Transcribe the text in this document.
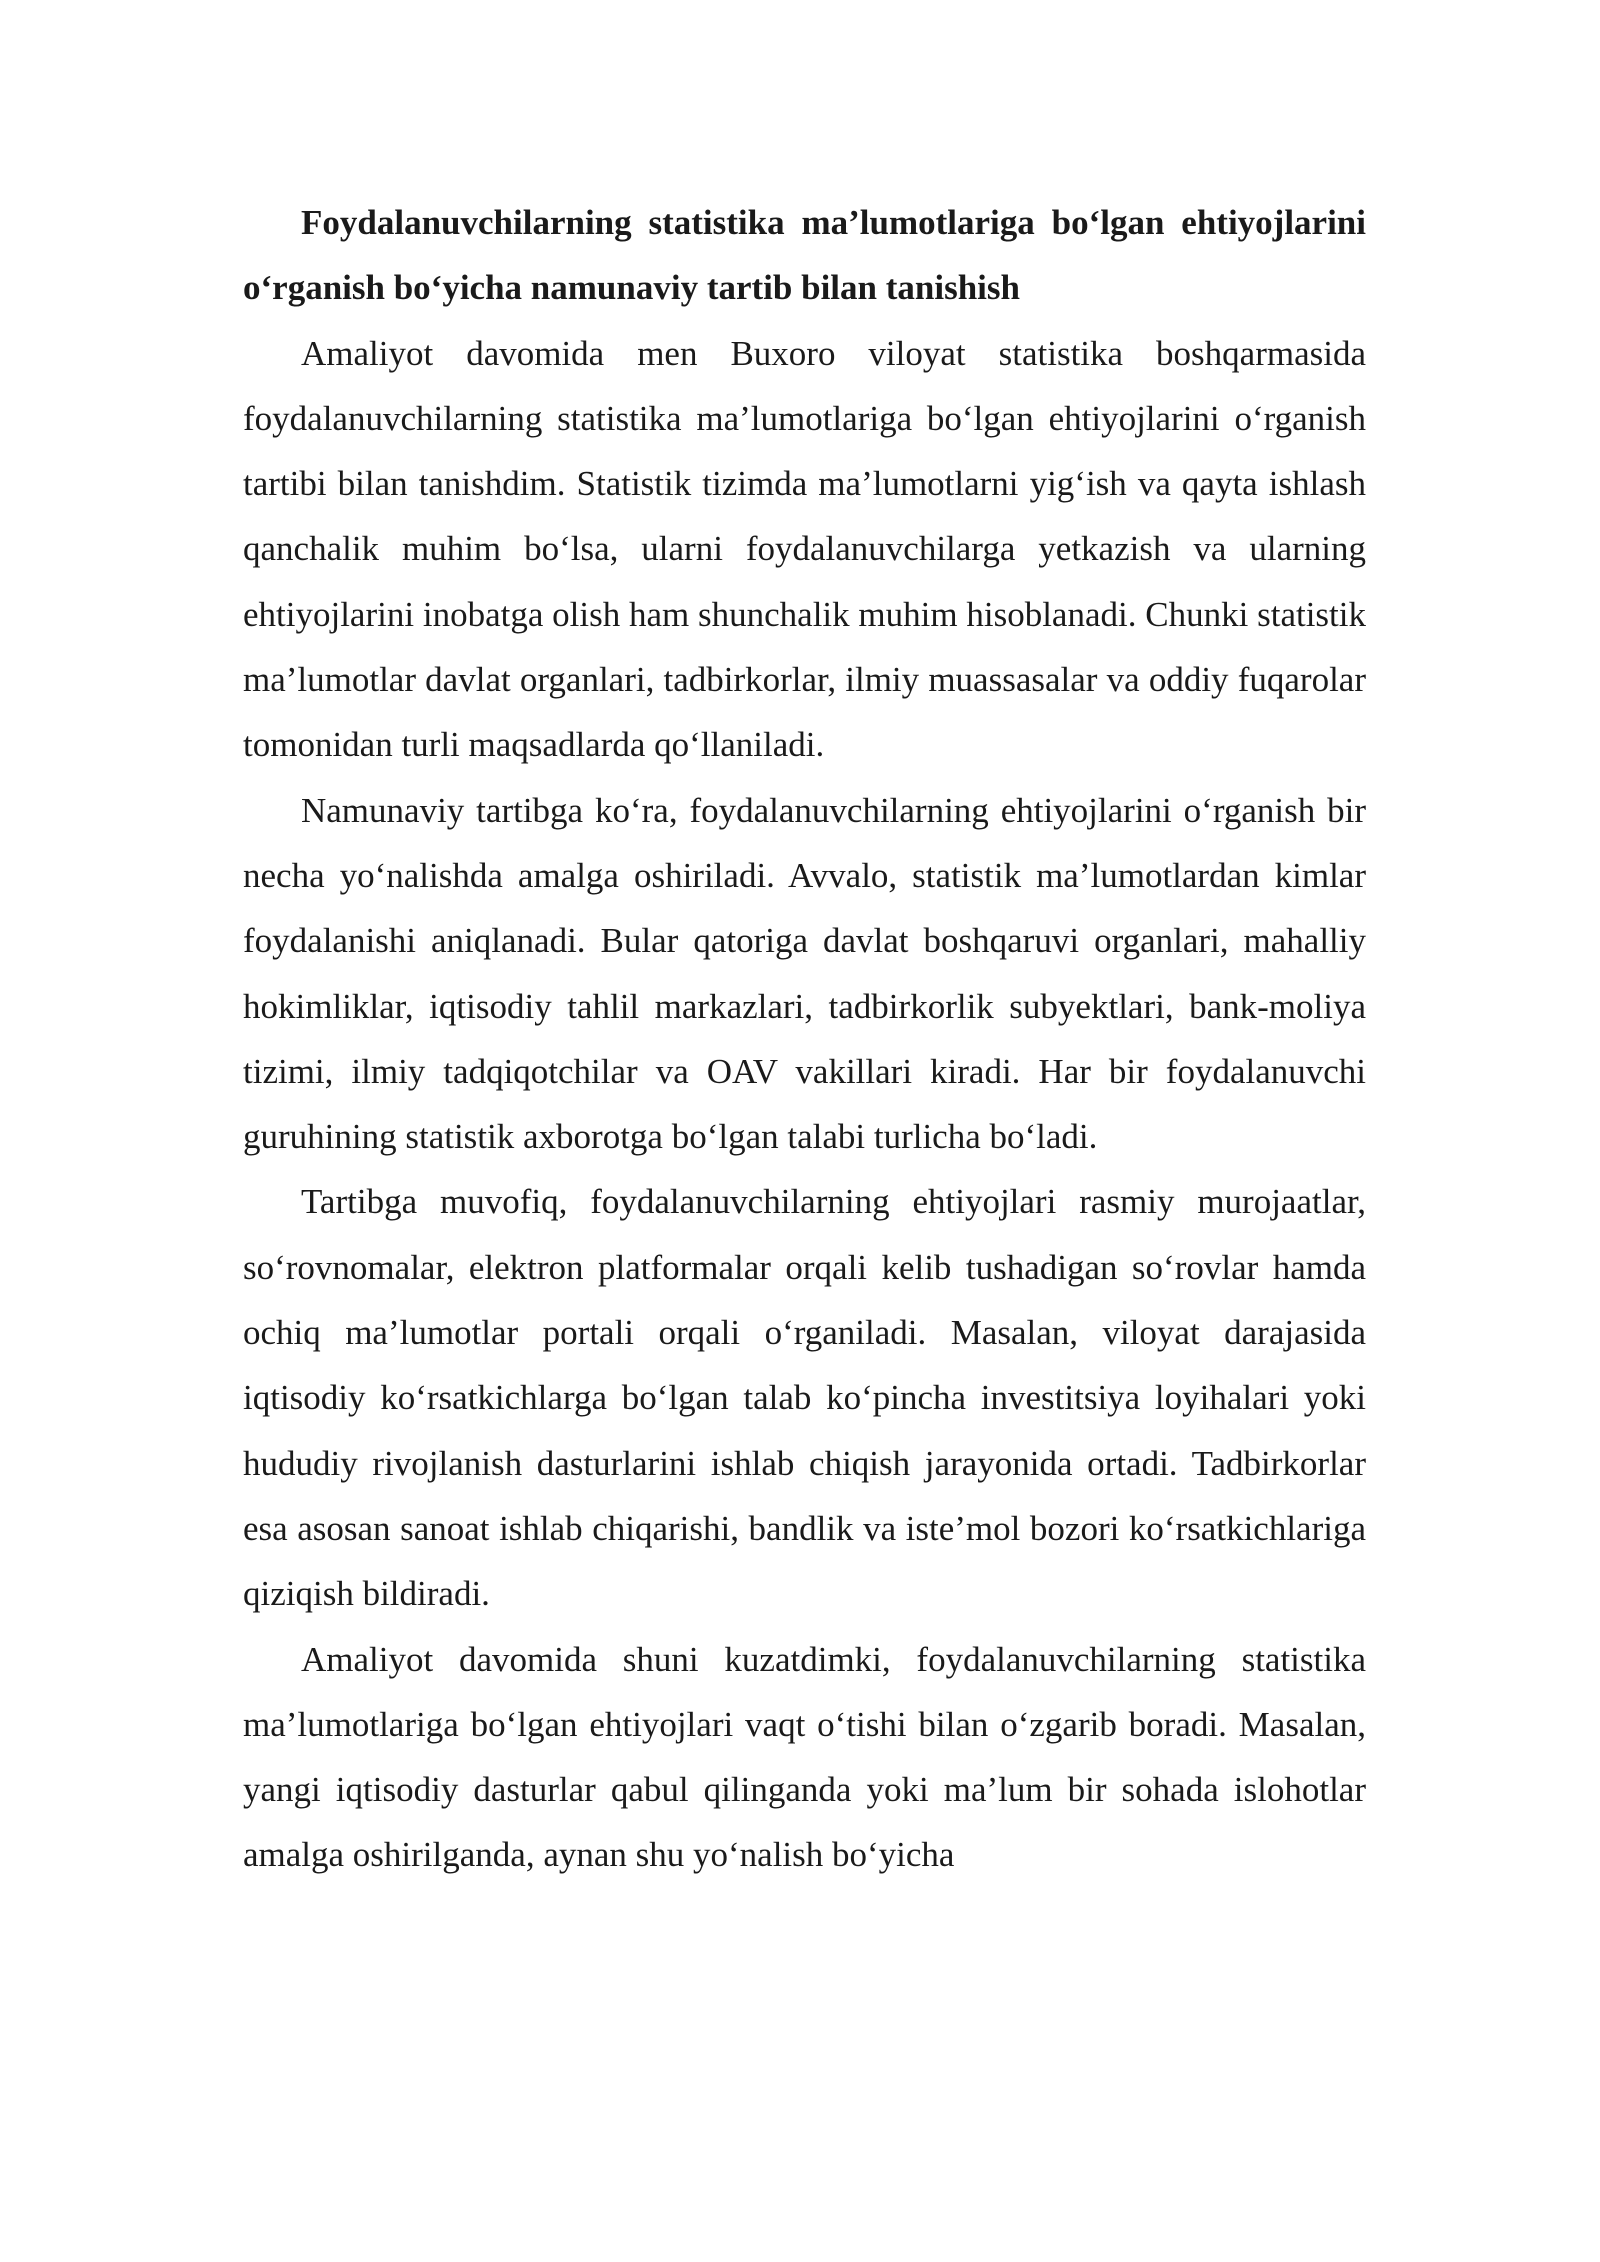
Foydalanuvchilarning statistika ma’lumotlariga bo‘lgan ehtiyojlarini o‘rganish bo‘yicha namunaviy tartib bilan tanishish

Amaliyot davomida men Buxoro viloyat statistika boshqarmasida foydalanuvchilarning statistika ma’lumotlariga bo‘lgan ehtiyojlarini o‘rganish tartibi bilan tanishdim. Statistik tizimda ma’lumotlarni yig‘ish va qayta ishlash qanchalik muhim bo‘lsa, ularni foydalanuvchilarga yetkazish va ularning ehtiyojlarini inobatga olish ham shunchalik muhim hisoblanadi. Chunki statistik ma’lumotlar davlat organlari, tadbirkorlar, ilmiy muassasalar va oddiy fuqarolar tomonidan turli maqsadlarda qo‘llaniladi.

Namunaviy tartibga ko‘ra, foydalanuvchilarning ehtiyojlarini o‘rganish bir necha yo‘nalishda amalga oshiriladi. Avvalo, statistik ma’lumotlardan kimlar foydalanishi aniqlanadi. Bular qatoriga davlat boshqaruvi organlari, mahalliy hokimliklar, iqtisodiy tahlil markazlari, tadbirkorlik subyektlari, bank-moliya tizimi, ilmiy tadqiqotchilar va OAV vakillari kiradi. Har bir foydalanuvchi guruhining statistik axborotga bo‘lgan talabi turlicha bo‘ladi.

Tartibga muvofiq, foydalanuvchilarning ehtiyojlari rasmiy murojaatlar, so‘rovnomalar, elektron platformalar orqali kelib tushadigan so‘rovlar hamda ochiq ma’lumotlar portali orqali o‘rganiladi. Masalan, viloyat darajasida iqtisodiy ko‘rsatkichlarga bo‘lgan talab ko‘pincha investitsiya loyihalari yoki hududiy rivojlanish dasturlarini ishlab chiqish jarayonida ortadi. Tadbirkorlar esa asosan sanoat ishlab chiqarishi, bandlik va iste’mol bozori ko‘rsatkichlariga qiziqish bildiradi.

Amaliyot davomida shuni kuzatdimki, foydalanuvchilarning statistika ma’lumotlariga bo‘lgan ehtiyojlari vaqt o‘tishi bilan o‘zgarib boradi. Masalan, yangi iqtisodiy dasturlar qabul qilinganda yoki ma’lum bir sohada islohotlar amalga oshirilganda, aynan shu yo‘nalish bo‘yicha
